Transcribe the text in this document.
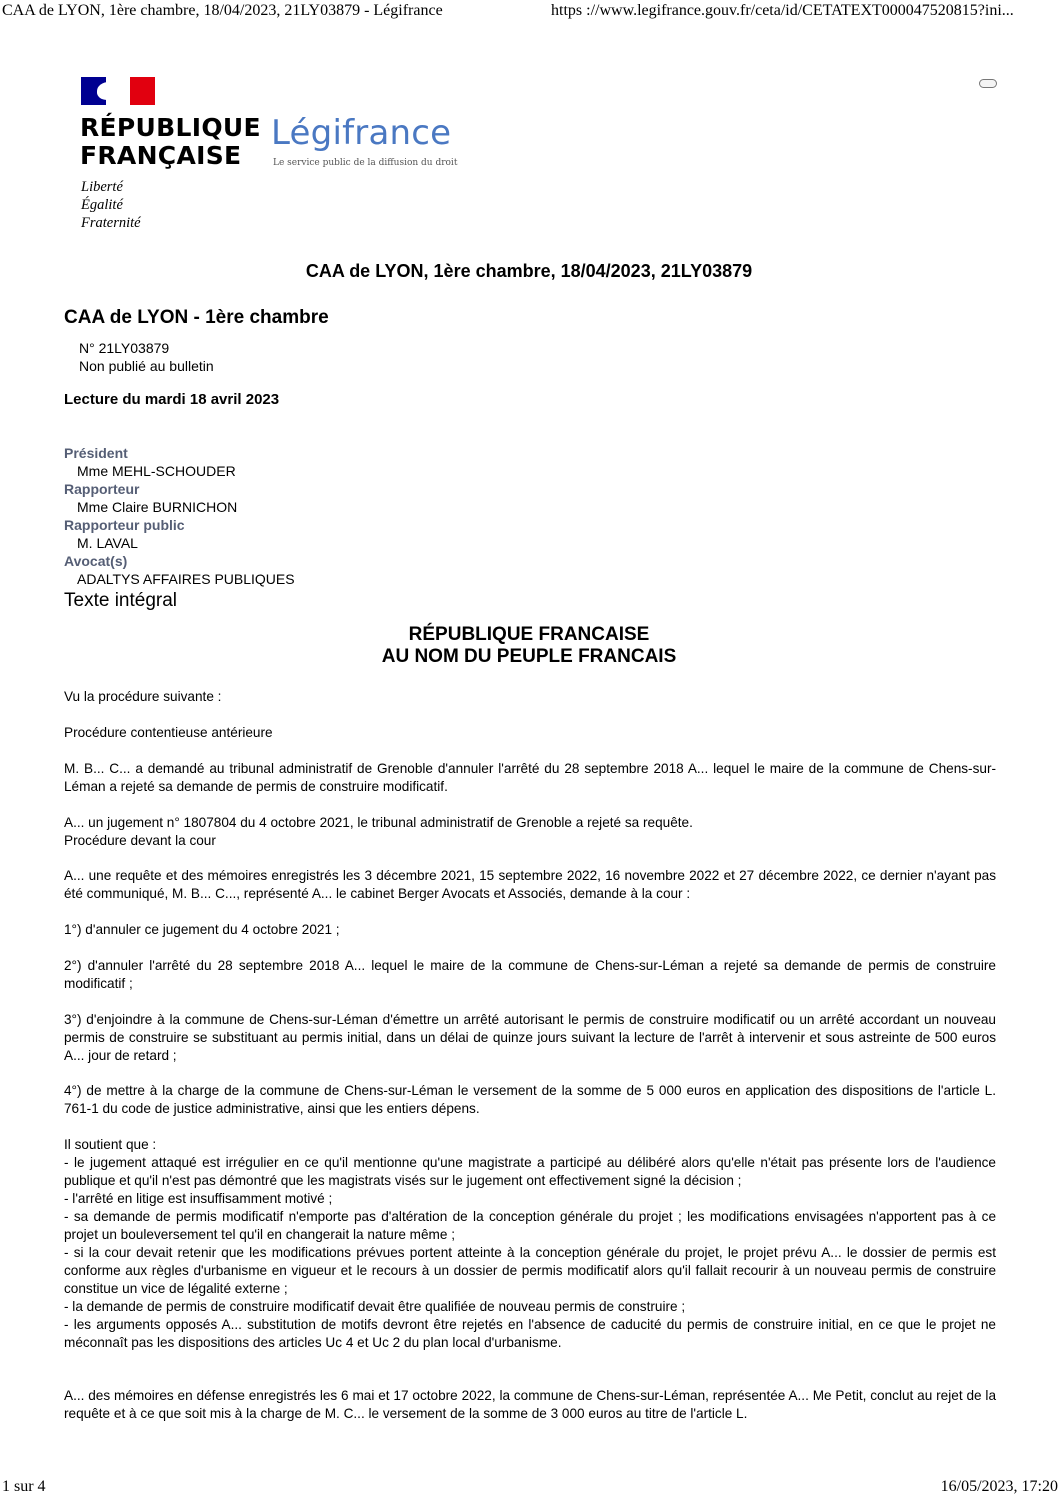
CAA de LYON, 1ère chambre, 18/04/2023, 21LY03879 - Légifrance	https ://www.legifrance.gouv.fr/ceta/id/CETATEXT000047520815?ini...
RÉPUBLIQUE
FRANÇAISE
Liberté
Égalité
Fraternité
Légifrance
Le service public de la diffusion du droit
CAA de LYON, 1ère chambre, 18/04/2023, 21LY03879
CAA de LYON - 1ère chambre
N° 21LY03879
Non publié au bulletin
Lecture du mardi 18 avril 2023
Président
Mme MEHL-SCHOUDER
Rapporteur
Mme Claire BURNICHON
Rapporteur public
M. LAVAL
Avocat(s)
ADALTYS AFFAIRES PUBLIQUES
Texte intégral
RÉPUBLIQUE FRANCAISE
AU NOM DU PEUPLE FRANCAIS
Vu la procédure suivante :
Procédure contentieuse antérieure
M. B... C... a demandé au tribunal administratif de Grenoble d'annuler l'arrêté du 28 septembre 2018 A... lequel le maire de la commune de Chens-sur-Léman a rejeté sa demande de permis de construire modificatif.
A... un jugement n° 1807804 du 4 octobre 2021, le tribunal administratif de Grenoble a rejeté sa requête.
Procédure devant la cour
A... une requête et des mémoires enregistrés les 3 décembre 2021, 15 septembre 2022, 16 novembre 2022 et 27 décembre 2022, ce dernier n'ayant pas été communiqué, M. B... C..., représenté A... le cabinet Berger Avocats et Associés, demande à la cour :
1°) d'annuler ce jugement du 4 octobre 2021 ;
2°) d'annuler l'arrêté du 28 septembre 2018 A... lequel le maire de la commune de Chens-sur-Léman a rejeté sa demande de permis de construire modificatif ;
3°) d'enjoindre à la commune de Chens-sur-Léman d'émettre un arrêté autorisant le permis de construire modificatif ou un arrêté accordant un nouveau permis de construire se substituant au permis initial, dans un délai de quinze jours suivant la lecture de l'arrêt à intervenir et sous astreinte de 500 euros A... jour de retard ;
4°) de mettre à la charge de la commune de Chens-sur-Léman le versement de la somme de 5 000 euros en application des dispositions de l'article L. 761-1 du code de justice administrative, ainsi que les entiers dépens.
Il soutient que :
- le jugement attaqué est irrégulier en ce qu'il mentionne qu'une magistrate a participé au délibéré alors qu'elle n'était pas présente lors de l'audience publique et qu'il n'est pas démontré que les magistrats visés sur le jugement ont effectivement signé la décision ;
- l'arrêté en litige est insuffisamment motivé ;
- sa demande de permis modificatif n'emporte pas d'altération de la conception générale du projet ; les modifications envisagées n'apportent pas à ce projet un bouleversement tel qu'il en changerait la nature même ;
- si la cour devait retenir que les modifications prévues portent atteinte à la conception générale du projet, le projet prévu A... le dossier de permis est conforme aux règles d'urbanisme en vigueur et le recours à un dossier de permis modificatif alors qu'il fallait recourir à un nouveau permis de construire constitue un vice de légalité externe ;
- la demande de permis de construire modificatif devait être qualifiée de nouveau permis de construire ;
- les arguments opposés A... substitution de motifs devront être rejetés en l'absence de caducité du permis de construire initial, en ce que le projet ne méconnaît pas les dispositions des articles Uc 4 et Uc 2 du plan local d'urbanisme.
A... des mémoires en défense enregistrés les 6 mai et 17 octobre 2022, la commune de Chens-sur-Léman, représentée A... Me Petit, conclut au rejet de la requête et à ce que soit mis à la charge de M. C... le versement de la somme de 3 000 euros au titre de l'article L.
1 sur 4	16/05/2023, 17:20
